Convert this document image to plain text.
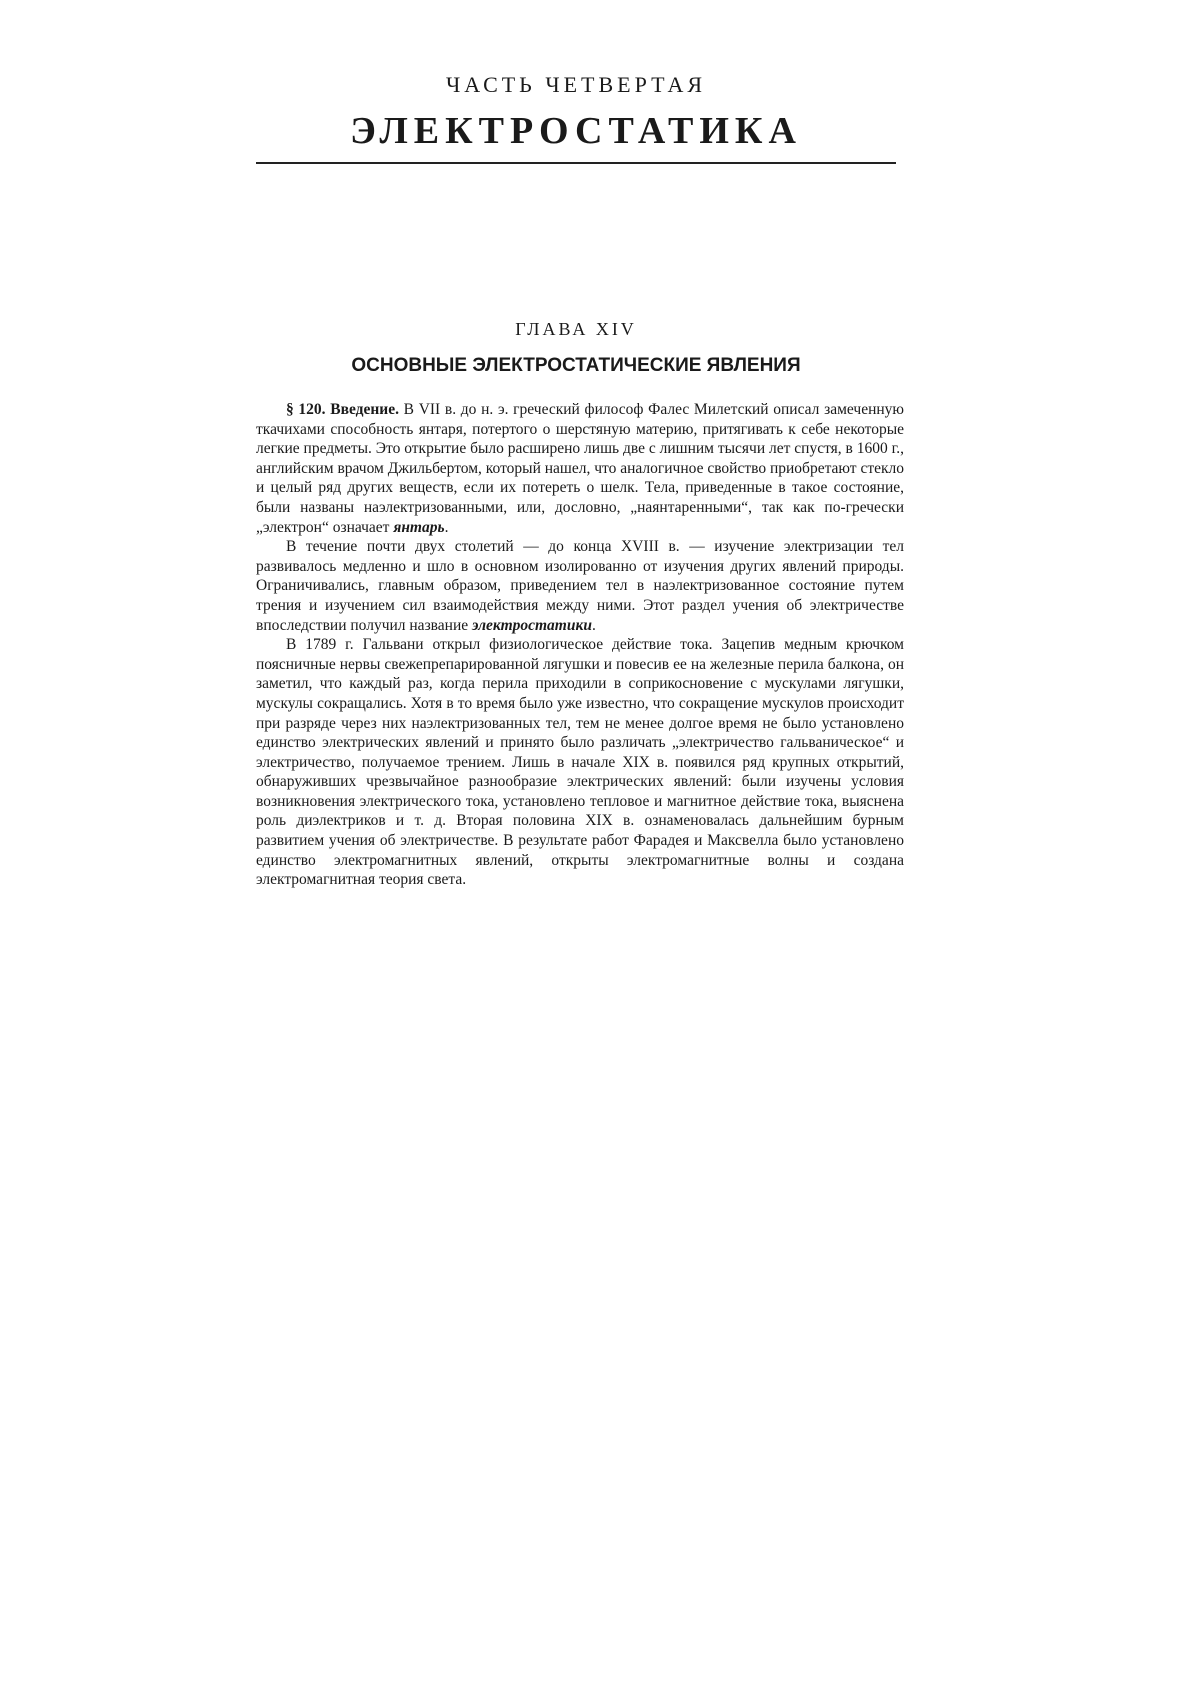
ЧАСТЬ ЧЕТВЕРТАЯ
ЭЛЕКТРОСТАТИКА
ГЛАВА XIV
ОСНОВНЫЕ ЭЛЕКТРОСТАТИЧЕСКИЕ ЯВЛЕНИЯ

§ 120. Введение. В VII в. до н. э. греческий философ Фалес Милетский описал замеченную ткачихами способность янтаря, потертого о шерстяную материю, притягивать к себе некоторые легкие предметы. Это открытие было расширено лишь две с лишним тысячи лет спустя, в 1600 г., английским врачом Джильбертом, который нашел, что аналогичное свойство приобретают стекло и целый ряд других веществ, если их потереть о шелк. Тела, приведенные в такое состояние, были названы наэлектризованными, или, дословно, „наянтаренными“, так как по-гречески „электрон“ означает янтарь.

В течение почти двух столетий — до конца XVIII в. — изучение электризации тел развивалось медленно и шло в основном изолированно от изучения других явлений природы. Ограничивались, главным образом, приведением тел в наэлектризованное состояние путем трения и изучением сил взаимодействия между ними. Этот раздел учения об электричестве впоследствии получил название электростатики.

В 1789 г. Гальвани открыл физиологическое действие тока. Зацепив медным крючком поясничные нервы свежепрепарированной лягушки и повесив ее на железные перила балкона, он заметил, что каждый раз, когда перила приходили в соприкосновение с мускулами лягушки, мускулы сокращались. Хотя в то время было уже известно, что сокращение мускулов происходит при разряде через них наэлектризованных тел, тем не менее долгое время не было установлено единство электрических явлений и принято было различать „электричество гальваническое“ и электричество, получаемое трением. Лишь в начале XIX в. появился ряд крупных открытий, обнаруживших чрезвычайное разнообразие электрических явлений: были изучены условия возникновения электрического тока, установлено тепловое и магнитное действие тока, выяснена роль диэлектриков и т. д. Вторая половина XIX в. ознаменовалась дальнейшим бурным развитием учения об электричестве. В результате работ Фарадея и Максвелла было установлено единство электромагнитных явлений, открыты электромагнитные волны и создана электромагнитная теория света.
